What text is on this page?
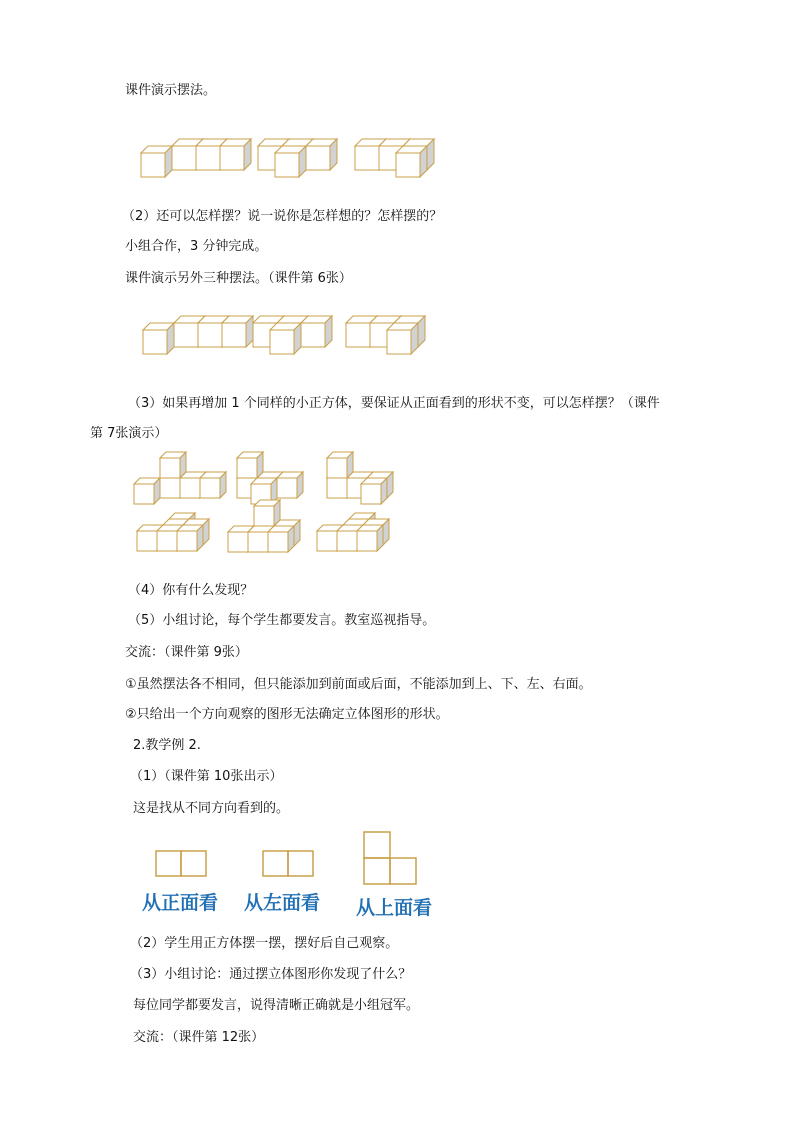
课件演示摆法。
（2）还可以怎样摆？说一说你是怎样想的？怎样摆的？
小组合作，3 分钟完成。
课件演示另外三种摆法。（课件第 6张）
（3）如果再增加 1 个同样的小正方体，要保证从正面看到的形状不变，可以怎样摆？（课件
第 7张演示）
（4）你有什么发现？
（5）小组讨论，每个学生都要发言。教室巡视指导。
交流：（课件第 9张）
①虽然摆法各不相同，但只能添加到前面或后面，不能添加到上、下、左、右面。
②只给出一个方向观察的图形无法确定立体图形的形状。
2.教学例 2.
（1）（课件第 10张出示）
这是找从不同方向看到的。
（2）学生用正方体摆一摆，摆好后自己观察。
（3）小组讨论：通过摆立体图形你发现了什么？
每位同学都要发言，说得清晰正确就是小组冠军。
交流：（课件第 12张）
从正面看 从左面看 从上面看
